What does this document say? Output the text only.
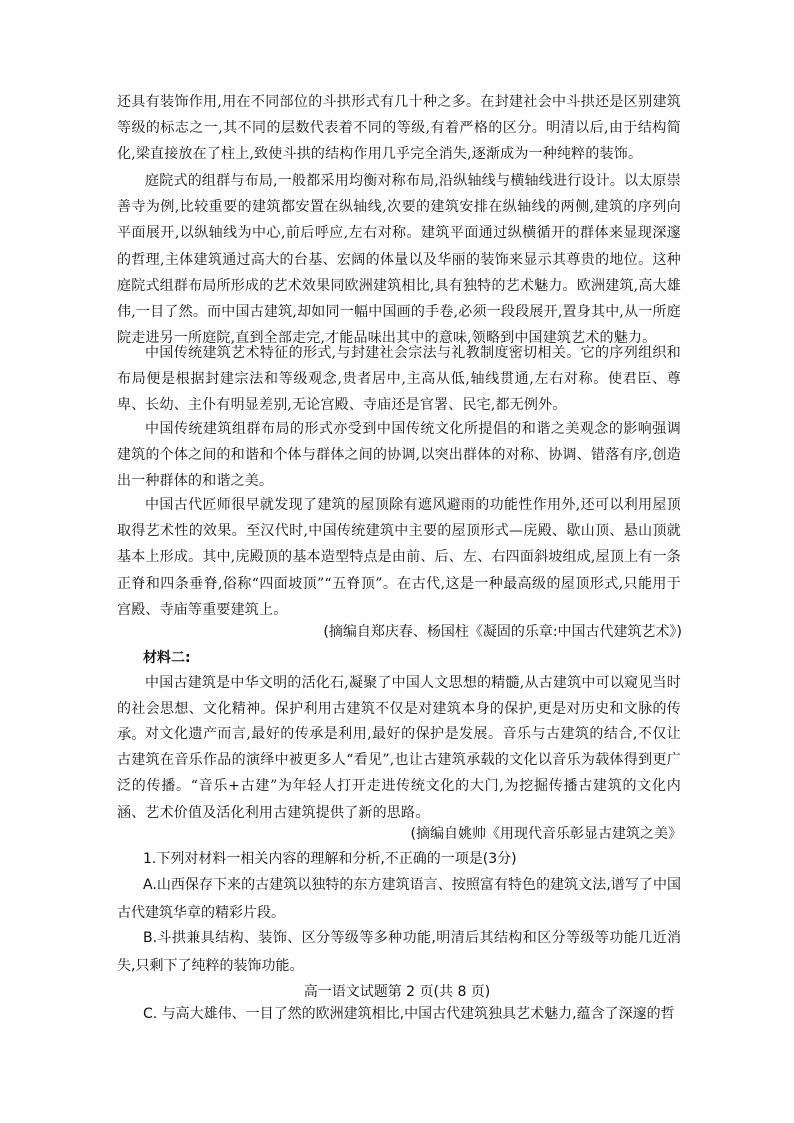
还具有装饰作用,用在不同部位的斗拱形式有几十种之多。在封建社会中斗拱还是区别建筑等级的标志之一,其不同的层数代表着不同的等级,有着严格的区分。明清以后,由于结构简化,梁直接放在了柱上,致使斗拱的结构作用几乎完全消失,逐渐成为一种纯粹的装饰。

庭院式的组群与布局,一般都采用均衡对称布局,沿纵轴线与横轴线进行设计。以太原崇善寺为例,比较重要的建筑都安置在纵轴线,次要的建筑安排在纵轴线的两侧,建筑的序列向平面展开,以纵轴线为中心,前后呼应,左右对称。建筑平面通过纵横循开的群体来显现深邃的哲理,主体建筑通过高大的台基、宏阔的体量以及华丽的装饰来显示其尊贵的地位。这种庭院式组群布局所形成的艺术效果同欧洲建筑相比,具有独特的艺术魅力。欧洲建筑,高大雄伟,一目了然。而中国古建筑,却如同一幅中国画的手卷,必须一段段展开,置身其中,从一所庭院走进另一所庭院,直到全部走完,才能品味出其中的意味,领略到中国建筑艺术的魅力。

中国传统建筑艺术特征的形式,与封建社会宗法与礼教制度密切相关。它的序列组织和布局便是根据封建宗法和等级观念,贵者居中,主高从低,轴线贯通,左右对称。使君臣、尊卑、长幼、主仆有明显差别,无论宫殿、寺庙还是官署、民宅,都无例外。

中国传统建筑组群布局的形式亦受到中国传统文化所提倡的和谐之美观念的影响强调建筑的个体之间的和谐和个体与群体之间的协调,以突出群体的对称、协调、错落有序,创造出一种群体的和谐之美。

中国古代匠师很早就发现了建筑的屋顶除有遮风避雨的功能性作用外,还可以利用屋顶取得艺术性的效果。至汉代时,中国传统建筑中主要的屋顶形式—庑殿、歇山顶、悬山顶就基本上形成。其中,庑殿顶的基本造型特点是由前、后、左、右四面斜坡组成,屋顶上有一条正脊和四条垂脊,俗称“四面坡顶”“五脊顶”。在古代,这是一种最高级的屋顶形式,只能用于宫殿、寺庙等重要建筑上。

(摘编自郑庆春、杨国柱《凝固的乐章:中国古代建筑艺术》)

材料二:

中国古建筑是中华文明的活化石,凝聚了中国人文思想的精髓,从古建筑中可以窥见当时的社会思想、文化精神。保护利用古建筑不仅是对建筑本身的保护,更是对历史和文脉的传承。 对文化遗产而言,最好的传承是利用,最好的保护是发展。音乐与古建筑的结合,不仅让古建筑在音乐作品的演绎中被更多人“看见”,也让古建筑承载的文化以音乐为载体得到更广泛的传播。“音乐+古建”为年轻人打开走进传统文化的大门,为挖掘传播古建筑的文化内涵、艺术价值及活化利用古建筑提供了新的思路。

(摘编自姚帅《用现代音乐彰显古建筑之美》

1.下列对材料一相关内容的理解和分析,不正确的一项是(3分)

A.山西保存下来的古建筑以独特的东方建筑语言、按照富有特色的建筑文法,谱写了中国古代建筑华章的精彩片段。

B.斗拱兼具结构、装饰、区分等级等多种功能,明清后其结构和区分等级等功能几近消失,只剩下了纯粹的装饰功能。

高一语文试题第 2 页(共 8 页)

C. 与高大雄伟、一目了然的欧洲建筑相比,中国古代建筑独具艺术魅力,蕴含了深邃的哲
